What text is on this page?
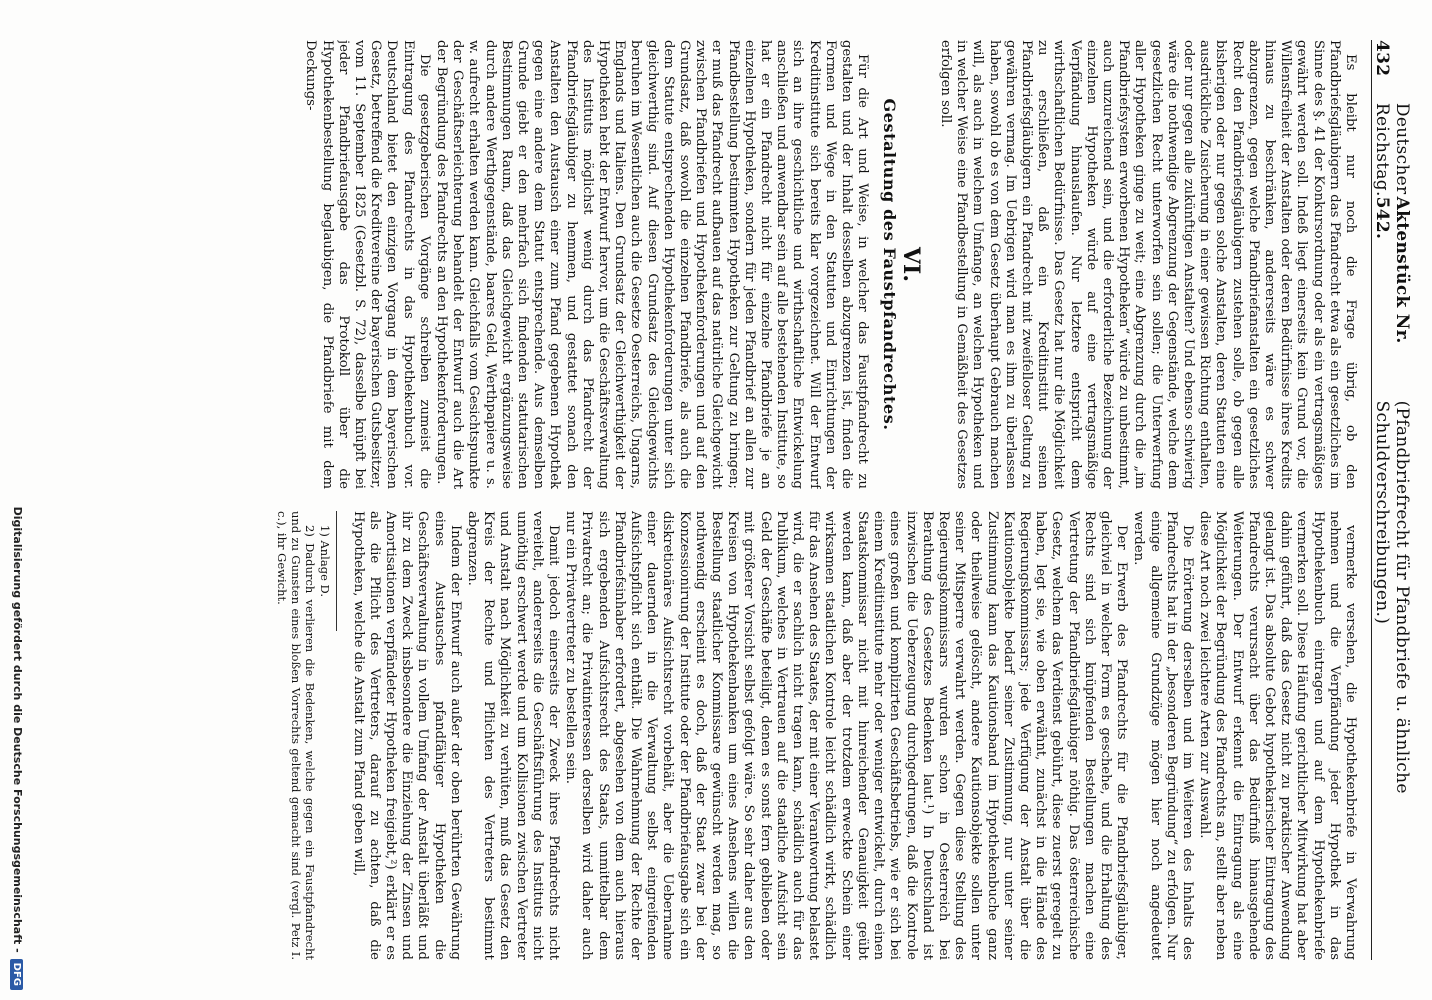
432
Deutscher Reichstag.
Aktenstück Nr. 542.
(Pfandbriefrecht für Pfandbriefe u. ähnliche Schuldverschreibungen.)

Es bleibt nur noch die Frage übrig, ob den Pfandbriefsgläubigern das Pfandrecht etwa als ein gesetzliches im Sinne des §. 41 der Konkursordnung oder als ein vertragsmäßiges gewährt werden soll. Indeß liegt einerseits kein Grund vor, die Willensfreiheit der Anstalten oder deren Bedürfnisse ihres Kredits hinaus zu beschränken, andererseits wäre es schwer abzugrenzen, gegen welche Pfandbriefanstalten ein gesetzliches Recht den Pfandbriefsgläubigern zustehen solle, ob gegen alle bisherigen oder nur gegen solche Anstalten, deren Statuten eine ausdrückliche Zusicherung in einer gewissen Richtung enthalten, oder nur gegen alle zukünftigen Anstalten? Und ebenso schwierig wäre die nothwendige Abgrenzung der Gegenstände, welche dem gesetzlichen Recht unterworfen sein sollen; die Unterwerfung aller Hypotheken ginge zu weit; eine Abgrenzung durch die „im Pfandbriefsystem erworbenen Hypotheken“ würde zu unbestimmt, auch unzureichend sein, und die erforderliche Bezeichnung der einzelnen Hypotheken würde auf eine vertragsmäßige Verpfändung hinauslaufen. Nur letztere entspricht dem wirthschaftlichen Bedürfnisse. Das Gesetz hat nur die Möglichkeit zu erschließen, daß ein Kreditinstitut seinen Pfandbriefsgläubigern ein Pfandrecht mit zweifelloser Geltung zu gewähren vermag. Im Uebrigen wird man es ihm zu überlassen haben, sowohl ob es von dem Gesetz überhaupt Gebrauch machen will, als auch in welchem Umfange, an welchen Hypotheken und in welcher Weise eine Pfandbestellung in Gemäßheit des Gesetzes erfolgen soll.

VI.
Gestaltung des Faustpfandrechtes.

Für die Art und Weise, in welcher das Faustpfandrecht zu gestalten und der Inhalt desselben abzugrenzen ist, finden die Formen und Wege in den Statuten und Einrichtungen der Kreditinstitute sich bereits klar vorgezeichnet. Will der Entwurf sich an ihre geschichtliche und wirthschaftliche Entwickelung anschließen und anwendbar sein auf alle bestehenden Institute, so hat er ein Pfandrecht nicht für einzelne Pfandbriefe je an einzelnen Hypotheken, sondern für jeden Pfandbrief an allen zur Pfandbestellung bestimmten Hypotheken zur Geltung zu bringen; er muß das Pfandrecht aufbauen auf das natürliche Gleichgewicht zwischen Pfandbriefen und Hypothekenforderungen und auf den Grundsatz, daß sowohl die einzelnen Pfandbriefe, als auch die dem Statute entsprechenden Hypothekenforderungen unter sich gleichwerthig sind. Auf diesen Grundsatz des Gleichgewichts beruhen im Wesentlichen auch die Gesetze Oesterreichs, Ungarns, Englands und Italiens. Den Grundsatz der Gleichwerthigkeit der Hypotheken hebt der Entwurf hervor, um die Geschäftsverwaltung des Instituts möglichst wenig durch das Pfandrecht der Pfandbriefsgläubiger zu hemmen, und gestattet sonach den Anstalten den Austausch einer zum Pfand gegebenen Hypothek gegen eine andere dem Statut entsprechende. Aus demselben Grunde giebt er den mehrfach sich findenden statutarischen Bestimmungen Raum, daß das Gleichgewicht ergänzungsweise durch andere Werthgegenstände, baares Geld, Werthpapiere u. s. w. aufrecht erhalten werden kann. Gleichfalls vom Gesichtspunkte der Geschäftserleichterung behandelt der Entwurf auch die Art der Begründung des Pfandrechts an den Hypothekenforderungen.

Die gesetzgeberischen Vorgänge schreiben zumeist die Eintragung des Pfandrechts in das Hypothekenbuch vor. Deutschland bietet den einzigen Vorgang in dem bayerischen Gesetz, betreffend die Kreditvereine der bayerischen Gutsbesitzer, vom 11. September 1825 (Gesetzbl. S. 72), dasselbe knüpft bei jeder Pfandbriefausgabe das Protokoll über die Hypothekenbestellung beglaubigen, die Pfandbriefe mit dem Deckungs-

vermerke versehen, die Hypothekenbriefe in Verwahrung nehmen und die Verpfändung jeder Hypothek in das Hypothekenbuch eintragen und auf dem Hypothekenbriefe vermerken soll. Diese Häufung gerichtlicher Mitwirkung hat aber dahin geführt, daß das Gesetz nicht zu praktischer Anwendung gelangt ist. Das absolute Gebot hypothekarischer Eintragung des Pfandrechts verursacht über das Bedürfniß hinausgehende Weiterungen. Der Entwurf erkennt die Eintragung als eine Möglichkeit der Begründung des Pfandrechts an, stellt aber neben diese Art noch zwei leichtere Arten zur Auswahl.

Die Erörterung derselben und im Weiteren des Inhalts des Pfandrechts hat in der „besonderen Begründung“ zu erfolgen. Nur einige allgemeine Grundzüge mögen hier noch angedeutet werden.

Der Erwerb des Pfandrechts für die Pfandbriefsgläubiger, gleichviel in welcher Form es geschehe, und die Erhaltung des Rechts sind sich knüpfenden Bestellungen machen eine Vertretung der Pfandbriefsgläubiger nöthig. Das österreichische Gesetz, welchem das Verdienst gebührt, diese zuerst geregelt zu haben, legt sie, wie oben erwähnt, zunächst in die Hände des Regierungskommissars; jede Verfügung der Anstalt über die Kautionsobjekte bedarf seiner Zustimmung, nur unter seiner Zustimmung kann das Kautionsband im Hypothekenbuche ganz oder theilweise gelöscht, andere Kautionsobjekte sollen unter seiner Mitsperre verwahrt werden. Gegen diese Stellung des Regierungskommissars wurden schon in Oesterreich bei Berathung des Gesetzes Bedenken laut.¹) In Deutschland ist inzwischen die Ueberzeugung durchgedrungen, daß die Kontrole eines großen und komplizirten Geschäftsbetriebs, wie er sich bei einem Kreditinstitute mehr oder weniger entwickelt, durch einen Staatskommissar nicht mit hinreichender Genauigkeit geübt werden kann, daß aber der trotzdem erweckte Schein einer wirksamen staatlichen Kontrole leicht schädlich wirkt, schädlich für das Ansehen des Staates, der mit einer Verantwortung belastet wird, die er sachlich nicht tragen kann, schädlich auch für das Publikum, welches in Vertrauen auf die staatliche Aufsicht sein Geld der Geschäfte beteiligt, denen es sonst fern geblieben oder mit größerer Vorsicht selbst gefolgt wäre. So sehr daher aus den Kreisen von Hypothekenbanken um eines Ansehens willen die Bestellung staatlicher Kommissare gewünscht werden mag, so nothwendig erscheint es doch, daß der Staat zwar bei der Konzessionirung der Institute oder der Pfandbriefausgabe sich ein diskretionäres Aufsichtsrecht vorbehält, aber die Uebernahme einer dauernden in die Verwaltung selbst eingreifenden Aufsichtspflicht sich enthält. Die Wahrnehmung der Rechte der Pfandbriefsinhaber erfordert, abgesehen von dem auch hieraus sich ergebenden Aufsichtsrecht des Staats, unmittelbar dem Privatrecht an; die Privatinteressen derselben wird daher auch nur ein Privatvertreter zu bestellen sein.

Damit jedoch einerseits der Zweck ihres Pfandrechts nicht vereitelt, andererseits die Geschäftsführung des Instituts nicht unnöthig erschwert werde und um Kollisionen zwischen Vertreter und Anstalt nach Möglichkeit zu verhüten, muß das Gesetz den Kreis der Rechte und Pflichten des Vertreters bestimmt abgrenzen.

Indem der Entwurf auch außer der oben berührten Gewährung eines Austausches pfandfähiger Hypotheken die Geschäftsverwaltung in vollem Umfang der Anstalt überläßt und ihr zu dem Zweck insbesondere die Einziehung der Zinsen und Amortisationen verpfändeter Hypotheken freigiebt,²) erklärt er es als die Pflicht des Vertreters, darauf zu achten, daß die Hypotheken, welche die Anstalt zum Pfand geben will,

1) Anlage D.

2) Dadurch verlieren die Bedenken, welche gegen ein Faustpfandrecht und zu Gunsten eines bloßen Vorrechts geltend gemacht sind (vergl. Petz I. c.), ihr Gewicht.

Digitalisierung gefördert durch die Deutsche Forschungsgemeinschaft -DFG
